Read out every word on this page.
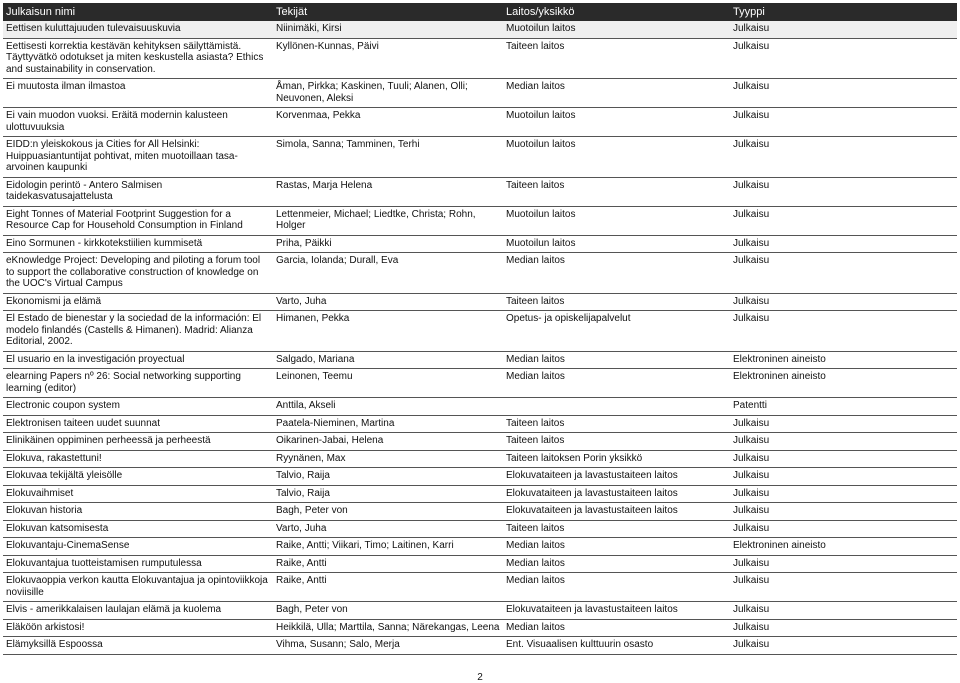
Julkaisun nimi	Tekijät	Laitos/yksikkö	Tyyppi
Eettisen kuluttajuuden tulevaisuuskuvia	Niinimäki, Kirsi	Muotoilun laitos	Julkaisu
Eettisesti korrektia kestävän kehityksen säilyttämistä. Täyttyvätkö odotukset ja miten keskustella asiasta? Ethics and sustainability in conservation.	Kyllönen-Kunnas, Päivi	Taiteen laitos	Julkaisu
Ei muutosta ilman ilmastoa	Åman, Pirkka; Kaskinen, Tuuli; Alanen, Olli; Neuvonen, Aleksi	Median laitos	Julkaisu
Ei vain muodon vuoksi. Eräitä modernin kalusteen ulottuvuuksia	Korvenmaa, Pekka	Muotoilun laitos	Julkaisu
EIDD:n yleiskokous ja Cities for All Helsinki: Huippuasiantuntijat pohtivat, miten muotoillaan tasa-arvoinen kaupunki	Simola, Sanna; Tamminen, Terhi	Muotoilun laitos	Julkaisu
Eidologin perintö - Antero Salmisen taidekasvatusajattelusta	Rastas, Marja Helena	Taiteen laitos	Julkaisu
Eight Tonnes of Material Footprint Suggestion for a Resource Cap for Household Consumption in Finland	Lettenmeier, Michael; Liedtke, Christa; Rohn, Holger	Muotoilun laitos	Julkaisu
Eino Sormunen - kirkkotekstiilien kummisetä	Priha, Päikki	Muotoilun laitos	Julkaisu
eKnowledge Project: Developing and piloting a forum tool to support the collaborative construction of knowledge on the UOC's Virtual Campus	Garcia, Iolanda; Durall, Eva	Median laitos	Julkaisu
Ekonomismi ja elämä	Varto, Juha	Taiteen laitos	Julkaisu
El Estado de bienestar y la sociedad de la información: El modelo finlandés (Castells & Himanen). Madrid: Alianza Editorial, 2002.	Himanen, Pekka	Opetus- ja opiskelijapalvelut	Julkaisu
El usuario en la investigación proyectual	Salgado, Mariana	Median laitos	Elektroninen aineisto
elearning Papers nº 26: Social networking supporting learning (editor)	Leinonen, Teemu	Median laitos	Elektroninen aineisto
Electronic coupon system	Anttila, Akseli		Patentti
Elektronisen taiteen uudet suunnat	Paatela-Nieminen, Martina	Taiteen laitos	Julkaisu
Elinikäinen oppiminen perheessä ja perheestä	Oikarinen-Jabai, Helena	Taiteen laitos	Julkaisu
Elokuva, rakastettuni!	Ryynänen, Max	Taiteen laitoksen Porin yksikkö	Julkaisu
Elokuvaa tekijältä yleisölle	Talvio, Raija	Elokuvataiteen ja lavastustaiteen laitos	Julkaisu
Elokuvaihmiset	Talvio, Raija	Elokuvataiteen ja lavastustaiteen laitos	Julkaisu
Elokuvan historia	Bagh, Peter von	Elokuvataiteen ja lavastustaiteen laitos	Julkaisu
Elokuvan katsomisesta	Varto, Juha	Taiteen laitos	Julkaisu
Elokuvantaju-CinemaSense	Raike, Antti; Viikari, Timo; Laitinen, Karri	Median laitos	Elektroninen aineisto
Elokuvantajua tuotteistamisen rumputulessa	Raike, Antti	Median laitos	Julkaisu
Elokuvaoppia verkon kautta Elokuvantajua ja opintoviikkoja noviisille	Raike, Antti	Median laitos	Julkaisu
Elvis - amerikkalaisen laulajan elämä ja kuolema	Bagh, Peter von	Elokuvataiteen ja lavastustaiteen laitos	Julkaisu
Eläköön arkistosi!	Heikkilä, Ulla; Marttila, Sanna; Närekangas, Leena	Median laitos	Julkaisu
Elämyksillä Espoossa	Vihma, Susann; Salo, Merja	Ent. Visuaalisen kulttuurin osasto	Julkaisu
2
